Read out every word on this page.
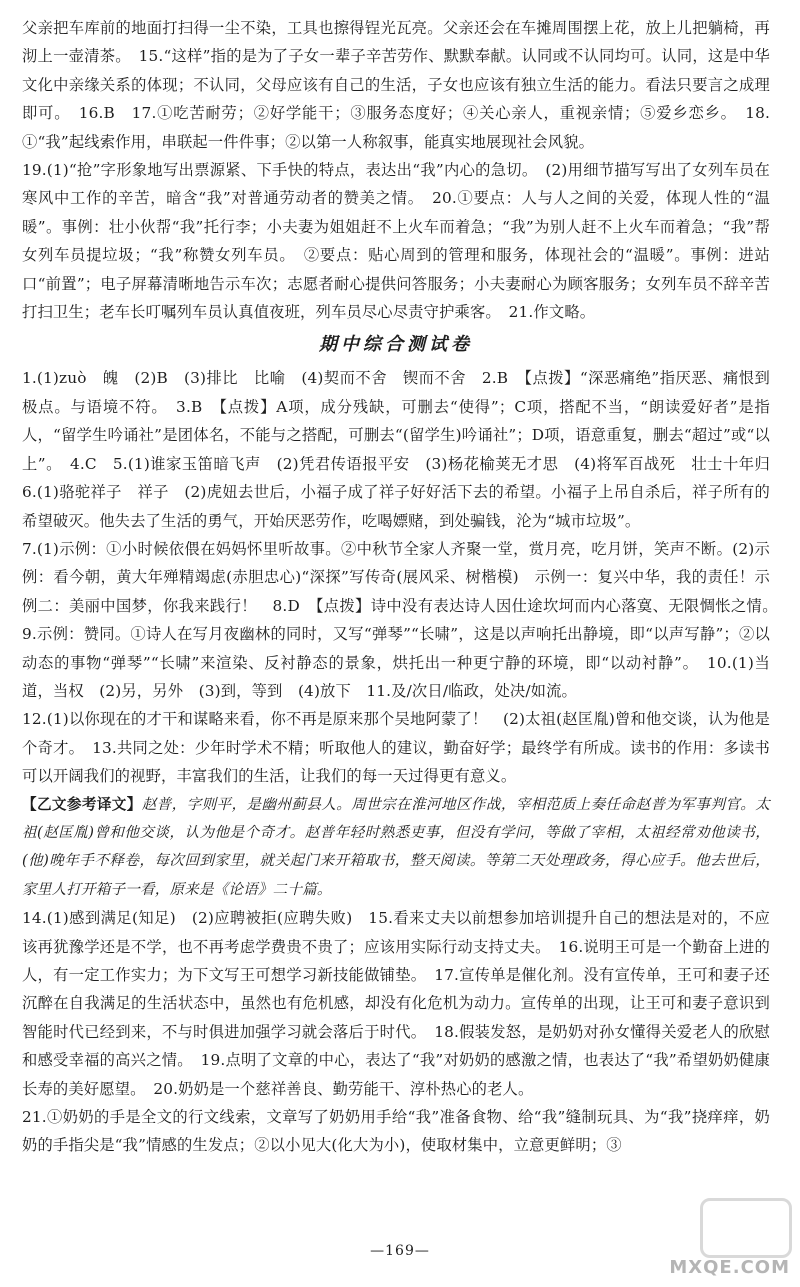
父亲把车库前的地面打扫得一尘不染，工具也擦得锃光瓦亮。父亲还会在车摊周围摆上花，放上儿把躺椅，再沏上一壶清茶。　15.“这样”指的是为了子女一辈子辛苦劳作、默默奉献。认同或不认同均可。认同，这是中华文化中亲缘关系的体现；不认同，父母应该有自己的生活，子女也应该有独立生活的能力。看法只要言之成理即可。　16.B　17.①吃苦耐劳；②好学能干；③服务态度好；④关心亲人，重视亲情；⑤爱乡恋乡。　18.①“我”起线索作用，串联起一件件事；②以第一人称叙事，能真实地展现社会风貌。

19.(1)“抢”字形象地写出票源紧、下手快的特点，表达出“我”内心的急切。　(2)用细节描写写出了女列车员在寒风中工作的辛苦，暗含“我”对普通劳动者的赞美之情。　20.①要点：人与人之间的关爱，体现人性的“温暖”。事例：壮小伙帮“我”托行李；小夫妻为姐姐赶不上火车而着急；“我”为别人赶不上火车而着急；“我”帮女列车员提垃圾；“我”称赞女列车员。　②要点：贴心周到的管理和服务，体现社会的“温暖”。事例：进站口“前置”；电子屏幕清晰地告示车次；志愿者耐心提供问答服务；小夫妻耐心为顾客服务；女列车员不辞辛苦打扫卫生；老车长叮嘱列车员认真值夜班，列车员尽心尽责守护乘客。　21.作文略。

期中综合测试卷

1.(1)zuò　魄　(2)B　(3)排比　比喻　(4)契而不舍　锲而不舍　2.B　【点拨】“深恶痛绝”指厌恶、痛恨到极点。与语境不符。　3.B　【点拨】A项，成分残缺，可删去“使得”；C项，搭配不当，“朗读爱好者”是指人，“留学生吟诵社”是团体名，不能与之搭配，可删去“(留学生)吟诵社”；D项，语意重复，删去“超过”或“以上”。　4.C　5.(1)谁家玉笛暗飞声　(2)凭君传语报平安　(3)杨花榆荚无才思　(4)将军百战死　壮士十年归　6.(1)骆驼祥子　祥子　(2)虎妞去世后，小福子成了祥子好好活下去的希望。小福子上吊自杀后，祥子所有的希望破灭。他失去了生活的勇气，开始厌恶劳作，吃喝嫖赌，到处骗钱，沦为“城市垃圾”。

7.(1)示例：①小时候依偎在妈妈怀里听故事。②中秋节全家人齐聚一堂，赏月亮，吃月饼，笑声不断。(2)示例：看今朝，黄大年殚精竭虑(赤胆忠心)“深探”写传奇(展风采、树楷模)　示例一：复兴中华，我的责任！示例二：美丽中国梦，你我来践行！　8.D　【点拨】诗中没有表达诗人因仕途坎坷而内心落寞、无限惆怅之情。　9.示例：赞同。①诗人在写月夜幽林的同时，又写“弹琴”“长啸”，这是以声响托出静境，即“以声写静”；②以动态的事物“弹琴”“长啸”来渲染、反衬静态的景象，烘托出一种更宁静的环境，即“以动衬静”。　10.(1)当道，当权　(2)另，另外　(3)到，等到　(4)放下　11.及/次日/临政，处决/如流。

12.(1)以你现在的才干和谋略来看，你不再是原来那个吴地阿蒙了！　(2)太祖(赵匡胤)曾和他交谈，认为他是个奇才。　13.共同之处：少年时学术不精；听取他人的建议，勤奋好学；最终学有所成。读书的作用：多读书可以开阔我们的视野，丰富我们的生活，让我们的每一天过得更有意义。

【乙文参考译文】赵普，字则平，是幽州蓟县人。周世宗在淮河地区作战，宰相范质上奏任命赵普为军事判官。太祖(赵匡胤)曾和他交谈，认为他是个奇才。赵普年轻时熟悉吏事，但没有学问，等做了宰相，太祖经常劝他读书，(他)晚年手不释卷，每次回到家里，就关起门来开箱取书，整天阅读。等第二天处理政务，得心应手。他去世后，家里人打开箱子一看，原来是《论语》二十篇。

14.(1)感到满足(知足)　(2)应聘被拒(应聘失败)　15.看来丈夫以前想参加培训提升自己的想法是对的，不应该再犹豫学还是不学，也不再考虑学费贵不贵了；应该用实际行动支持丈夫。　16.说明王可是一个勤奋上进的人，有一定工作实力；为下文写王可想学习新技能做铺垫。　17.宣传单是催化剂。没有宣传单，王可和妻子还沉醉在自我满足的生活状态中，虽然也有危机感，却没有化危机为动力。宣传单的出现，让王可和妻子意识到智能时代已经到来，不与时俱进加强学习就会落后于时代。　18.假装发怒，是奶奶对孙女懂得关爱老人的欣慰和感受幸福的高兴之情。　19.点明了文章的中心，表达了“我”对奶奶的感激之情，也表达了“我”希望奶奶健康长寿的美好愿望。　20.奶奶是一个慈祥善良、勤劳能干、淳朴热心的老人。

21.①奶奶的手是全文的行文线索，文章写了奶奶用手给“我”准备食物、给“我”缝制玩具、为“我”挠痒痒，奶奶的手指尖是“我”情感的生发点；②以小见大(化大为小)，使取材集中，立意更鲜明；③

—169—
MXQE.COM
